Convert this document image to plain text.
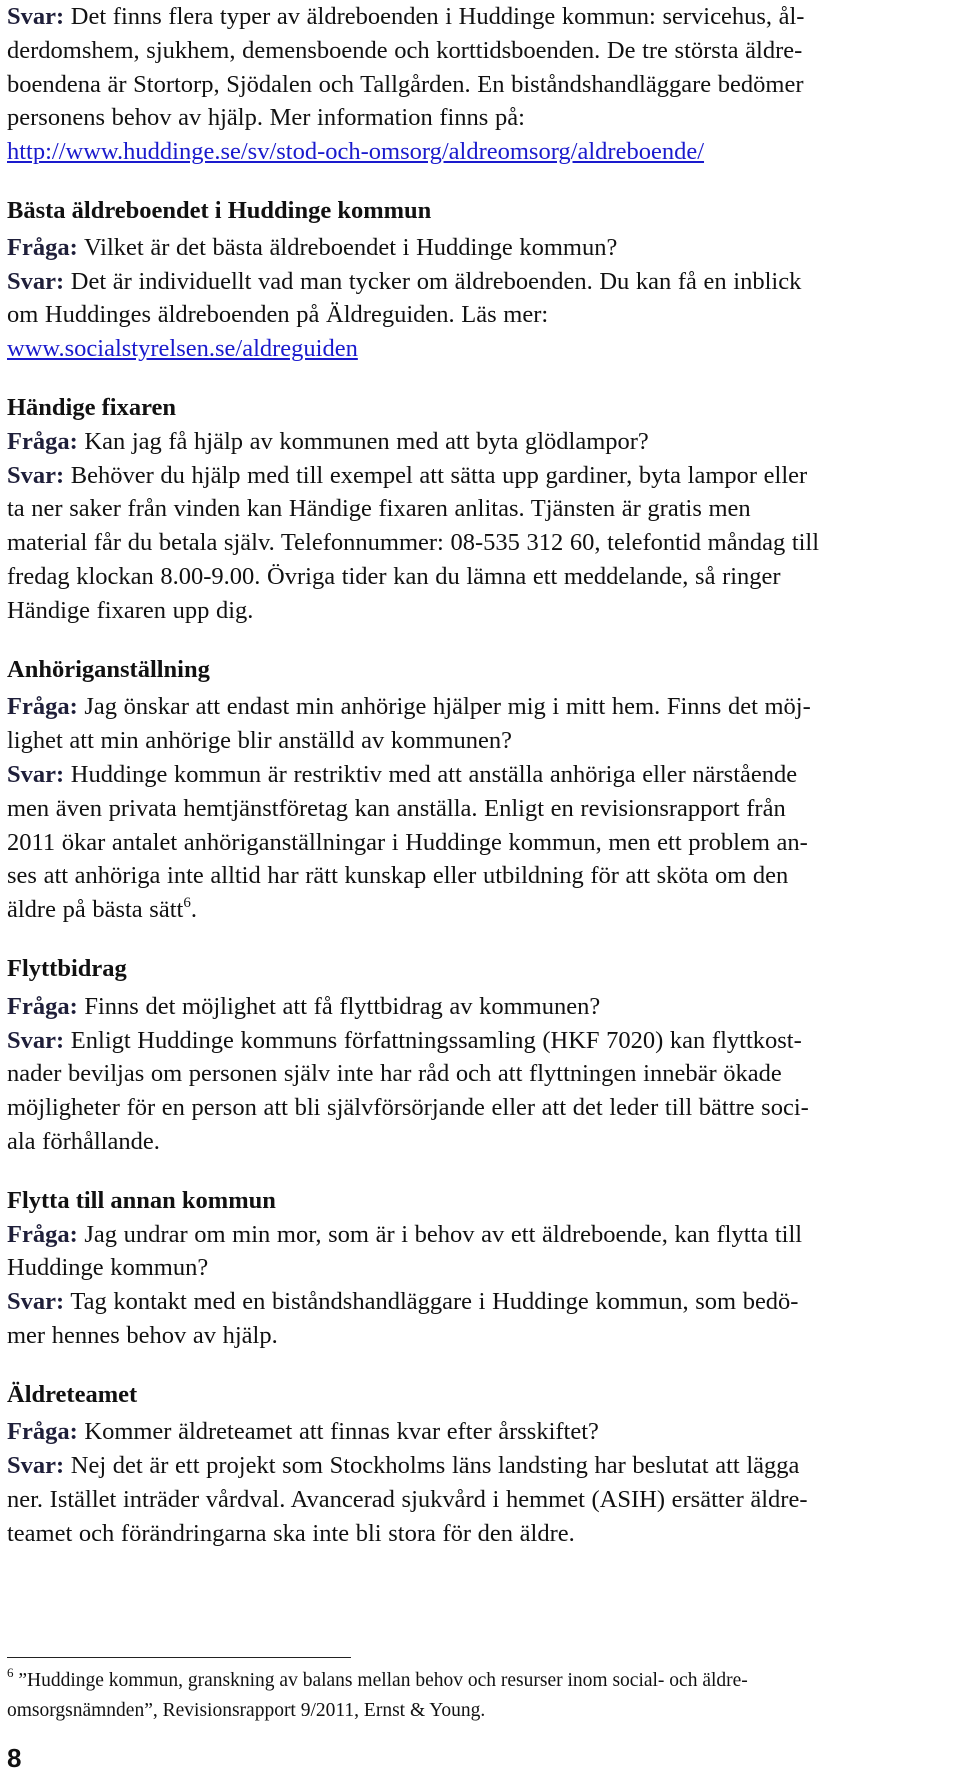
Svar: Det finns flera typer av äldreboenden i Huddinge kommun: servicehus, ål-

derdomshem, sjukhem, demensboende och korttidsboenden. De tre största äldre-

boendena är Stortorp, Sjödalen och Tallgården. En biståndshandläggare bedömer

personens behov av hjälp. Mer information finns på:

http://www.huddinge.se/sv/stod-och-omsorg/aldreomsorg/aldreboende/

Bästa äldreboendet i Huddinge kommun

Fråga: Vilket är det bästa äldreboendet i Huddinge kommun?

Svar: Det är individuellt vad man tycker om äldreboenden. Du kan få en inblick

om Huddinges äldreboenden på Äldreguiden. Läs mer:

www.socialstyrelsen.se/aldreguiden

Händige fixaren

Fråga: Kan jag få hjälp av kommunen med att byta glödlampor?

Svar: Behöver du hjälp med till exempel att sätta upp gardiner, byta lampor eller

ta ner saker från vinden kan Händige fixaren anlitas. Tjänsten är gratis men

material får du betala själv. Telefonnummer: 08-535 312 60, telefontid måndag till

fredag klockan 8.00-9.00. Övriga tider kan du lämna ett meddelande, så ringer

Händige fixaren upp dig.

Anhöriganställning

Fråga: Jag önskar att endast min anhörige hjälper mig i mitt hem. Finns det möj-

lighet att min anhörige blir anställd av kommunen?

Svar: Huddinge kommun är restriktiv med att anställa anhöriga eller närstående

men även privata hemtjänstföretag kan anställa. Enligt en revisionsrapport från

2011 ökar antalet anhöriganställningar i Huddinge kommun, men ett problem an-

ses att anhöriga inte alltid har rätt kunskap eller utbildning för att sköta om den

äldre på bästa sätt$^6$.

Flyttbidrag

Fråga: Finns det möjlighet att få flyttbidrag av kommunen?

Svar: Enligt Huddinge kommuns författningssamling (HKF 7020) kan flyttkost-

nader beviljas om personen själv inte har råd och att flyttningen innebär ökade

möjligheter för en person att bli självförsörjande eller att det leder till bättre soci-

ala förhållande.

Flytta till annan kommun

Fråga: Jag undrar om min mor, som är i behov av ett äldreboende, kan flytta till

Huddinge kommun?

Svar: Tag kontakt med en biståndshandläggare i Huddinge kommun, som bedö-

mer hennes behov av hjälp.

Äldreteamet

Fråga: Kommer äldreteamet att finnas kvar efter årsskiftet?

Svar: Nej det är ett projekt som Stockholms läns landsting har beslutat att lägga

ner. Istället inträder vårdval. Avancerad sjukvård i hemmet (ASIH) ersätter äldre-

teamet och förändringarna ska inte bli stora för den äldre.

$^6$ ”Huddinge kommun, granskning av balans mellan behov och resurser inom social- och äldre-
omsorgsnämnden”, Revisionsrapport 9/2011, Ernst & Young.
8
